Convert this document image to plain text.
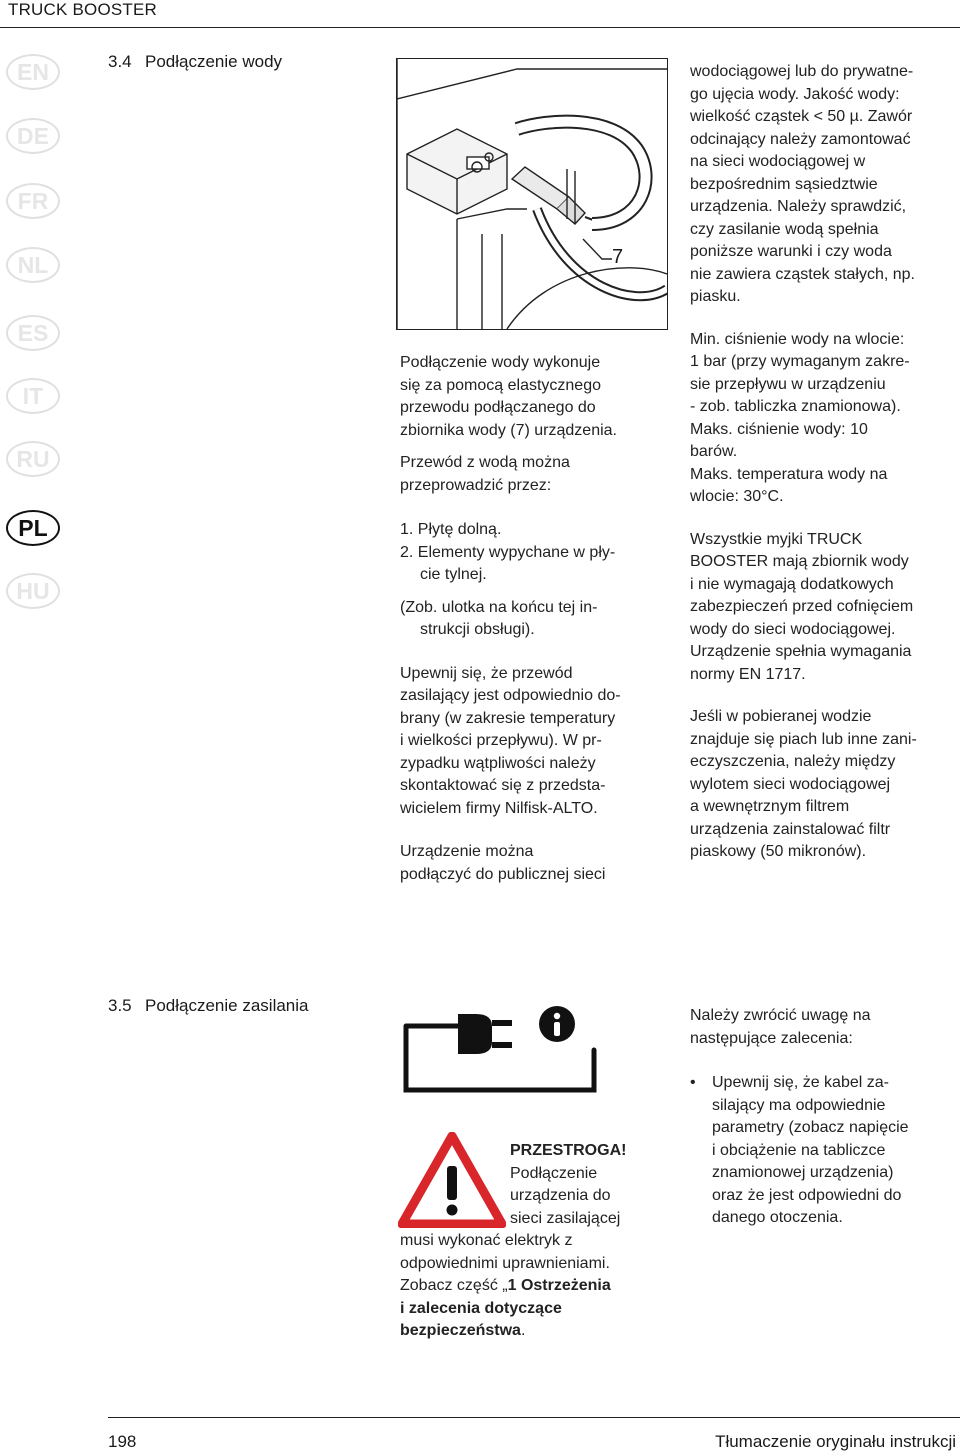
TRUCK BOOSTER
EN
DE
FR
NL
ES
IT
RU
PL
HU
3.4 Podłączenie wody
7
Podłączenie wody wykonuje
się za pomocą elastycznego
przewodu podłączanego do
zbiornika wody (7) urządzenia.
Przewód z wodą można
przeprowadzić przez:
1. Płytę dolną.
2. Elementy wypychane w pły-
cie tylnej.
(Zob. ulotka na końcu tej in-
strukcji obsługi).
Upewnij się, że przewód
zasilający jest odpowiednio do-
brany (w zakresie temperatury
i wielkości przepływu). W pr-
zypadku wątpliwości należy
skontaktować się z przedsta-
wicielem firmy Nilfisk-ALTO.
Urządzenie można
podłączyć do publicznej sieci
wodociągowej lub do prywatne-
go ujęcia wody. Jakość wody:
wielkość cząstek < 50 µ. Zawór
odcinający należy zamontować
na sieci wodociągowej w
bezpośrednim sąsiedztwie
urządzenia. Należy sprawdzić,
czy zasilanie wodą spełnia
poniższe warunki i czy woda
nie zawiera cząstek stałych, np.
piasku.
Min. ciśnienie wody na wlocie:
1 bar (przy wymaganym zakre-
sie przepływu w urządzeniu
- zob. tabliczka znamionowa).
Maks. ciśnienie wody: 10
barów.
Maks. temperatura wody na
wlocie: 30°C.
Wszystkie myjki TRUCK
BOOSTER mają zbiornik wody
i nie wymagają dodatkowych
zabezpieczeń przed cofnięciem
wody do sieci wodociągowej.
Urządzenie spełnia wymagania
normy EN 1717.
Jeśli w pobieranej wodzie
znajduje się piach lub inne zani-
eczyszczenia, należy między
wylotem sieci wodociągowej
a wewnętrznym filtrem
urządzenia zainstalować filtr
piaskowy (50 mikronów).
3.5 Podłączenie zasilania
PRZESTROGA!
Podłączenie
urządzenia do
sieci zasilającej
musi wykonać elektryk z
odpowiednimi uprawnieniami.
Zobacz część „1 Ostrzeżenia
i zalecenia dotyczące
bezpieczeństwa.
Należy zwrócić uwagę na
następujące zalecenia:
• Upewnij się, że kabel za-
silający ma odpowiednie
parametry (zobacz napięcie
i obciążenie na tabliczce
znamionowej urządzenia)
oraz że jest odpowiedni do
danego otoczenia.
198	Tłumaczenie oryginału instrukcji
